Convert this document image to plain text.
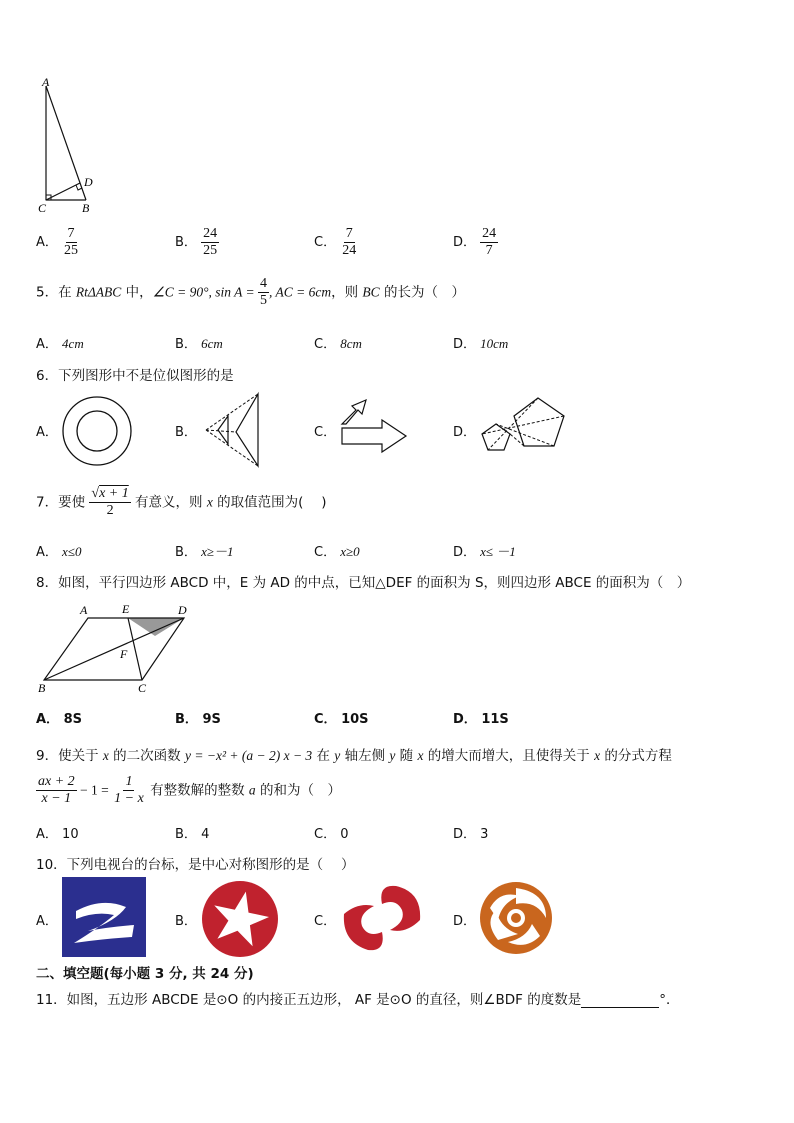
A
C	B
D
A． $\frac{7}{25}$	B． $\frac{24}{25}$	C． $\frac{7}{24}$	D． $\frac{24}{7}$
5．在 RtΔABC 中，∠C = 90°, $\sin A = \frac{4}{5}$ , AC = 6cm，则 BC 的长为（　）
A． 4cm	B． 6cm	C． 8cm	D． 10cm
6．下列图形中不是位似图形的是
A．	B．	C．	D．
7．要使 $\frac{√x + 1}{2}$ 有意义，则 x 的取值范围为(　 )
A． x≤0	B． x≥－1	C． x≥0	D． x≤ －1
8．如图，平行四边形 ABCD 中，E 为 AD 的中点，已知△DEF 的面积为 S，则四边形 ABCE 的面积为（　）
A	E	D
F
B	C
A． 8S	B． 9S	C． 10S	D． 11S
9．使关于 x 的二次函数 y = −x² + (a − 2) x − 3 在 y 轴左侧 y 随 x 的增大而增大，且使得关于 x 的分式方程
$\frac{ax + 2}{x - 1} - 1 = \frac{1}{1 - x}$ 有整数解的整数 a 的和为（　）
A． 10	B． 4	C． 0	D． 3
10．下列电视台的台标，是中心对称图形的是（　 ）
A．	B．	C．	D．
二、填空题(每小题 3 分, 共 24 分)
11．如图，五边形 ABCDE 是⊙O 的内接正五边形， AF 是⊙O 的直径，则∠BDF 的度数是	°．
